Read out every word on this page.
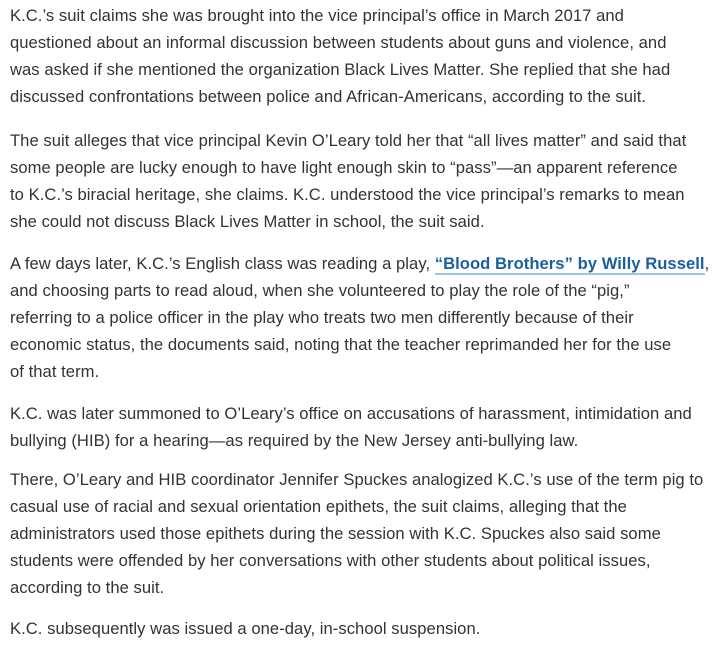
K.C.’s suit claims she was brought into the vice principal’s office in March 2017 and
questioned about an informal discussion between students about guns and violence, and
was asked if she mentioned the organization Black Lives Matter. She replied that she had
discussed confrontations between police and African-Americans, according to the suit.

The suit alleges that vice principal Kevin O’Leary told her that “all lives matter” and said that
some people are lucky enough to have light enough skin to “pass”—an apparent reference
to K.C.’s biracial heritage, she claims. K.C. understood the vice principal’s remarks to mean
she could not discuss Black Lives Matter in school, the suit said.

A few days later, K.C.’s English class was reading a play, “Blood Brothers” by Willy Russell,
and choosing parts to read aloud, when she volunteered to play the role of the “pig,”
referring to a police officer in the play who treats two men differently because of their
economic status, the documents said, noting that the teacher reprimanded her for the use
of that term.

K.C. was later summoned to O’Leary’s office on accusations of harassment, intimidation and
bullying (HIB) for a hearing—as required by the New Jersey anti-bullying law.

There, O’Leary and HIB coordinator Jennifer Spuckes analogized K.C.’s use of the term pig to
casual use of racial and sexual orientation epithets, the suit claims, alleging that the
administrators used those epithets during the session with K.C. Spuckes also said some
students were offended by her conversations with other students about political issues,
according to the suit.

K.C. subsequently was issued a one-day, in-school suspension.
